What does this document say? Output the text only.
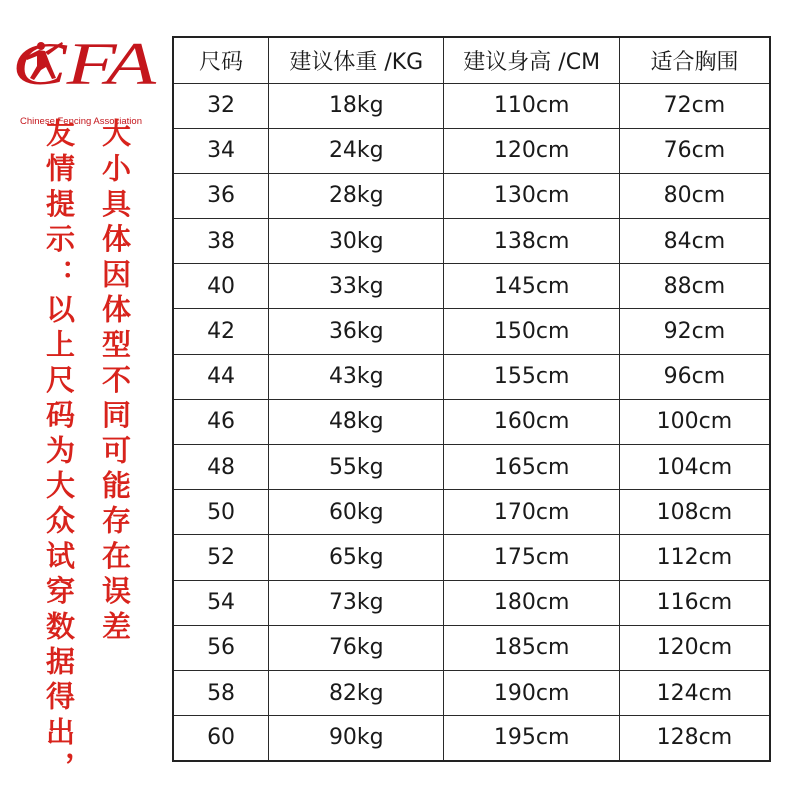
CFA
Chinese Fencing Association
友情提示：以上尺码为大众试穿数据得出， 大小具体因体型不同可能存在误差
尺码	建议体重 /KG	建议身高 /CM	适合胸围
32	18kg	110cm	72cm
34	24kg	120cm	76cm
36	28kg	130cm	80cm
38	30kg	138cm	84cm
40	33kg	145cm	88cm
42	36kg	150cm	92cm
44	43kg	155cm	96cm
46	48kg	160cm	100cm
48	55kg	165cm	104cm
50	60kg	170cm	108cm
52	65kg	175cm	112cm
54	73kg	180cm	116cm
56	76kg	185cm	120cm
58	82kg	190cm	124cm
60	90kg	195cm	128cm
